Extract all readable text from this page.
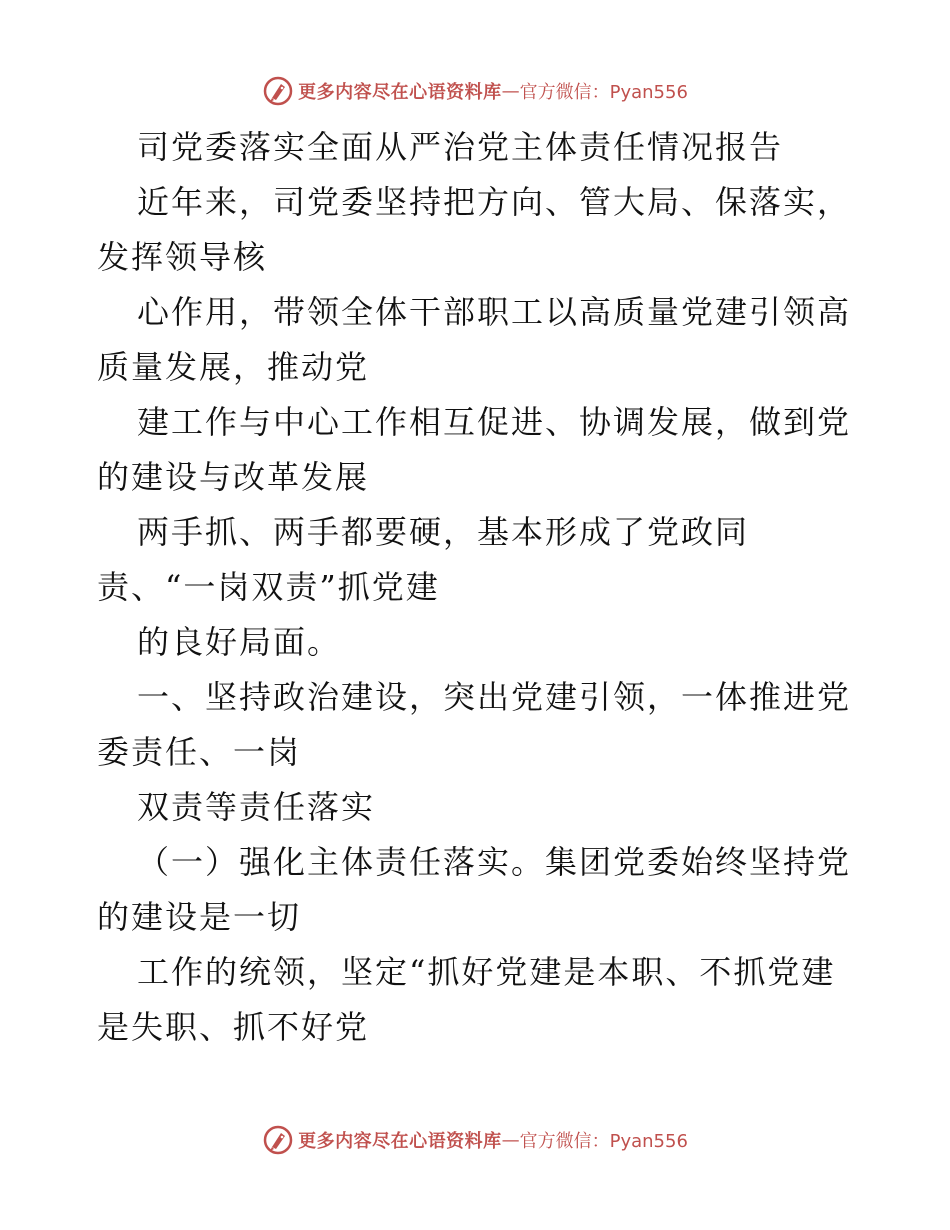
更多内容尽在心语资料库 — 官方微信：Pyan556

司党委落实全面从严治党主体责任情况报告

近年来，司党委坚持把方向、管大局、保落实，

发挥领导核

心作用，带领全体干部职工以高质量党建引领高

质量发展，推动党

建工作与中心工作相互促进、协调发展，做到党

的建设与改革发展

两手抓、两手都要硬，基本形成了党政同

责、“一岗双责”抓党建

的良好局面。

一、坚持政治建设，突出党建引领，一体推进党

委责任、一岗

双责等责任落实

（一）强化主体责任落实。集团党委始终坚持党

的建设是一切

工作的统领，坚定“抓好党建是本职、不抓党建

是失职、抓不好党

更多内容尽在心语资料库 — 官方微信：Pyan556
